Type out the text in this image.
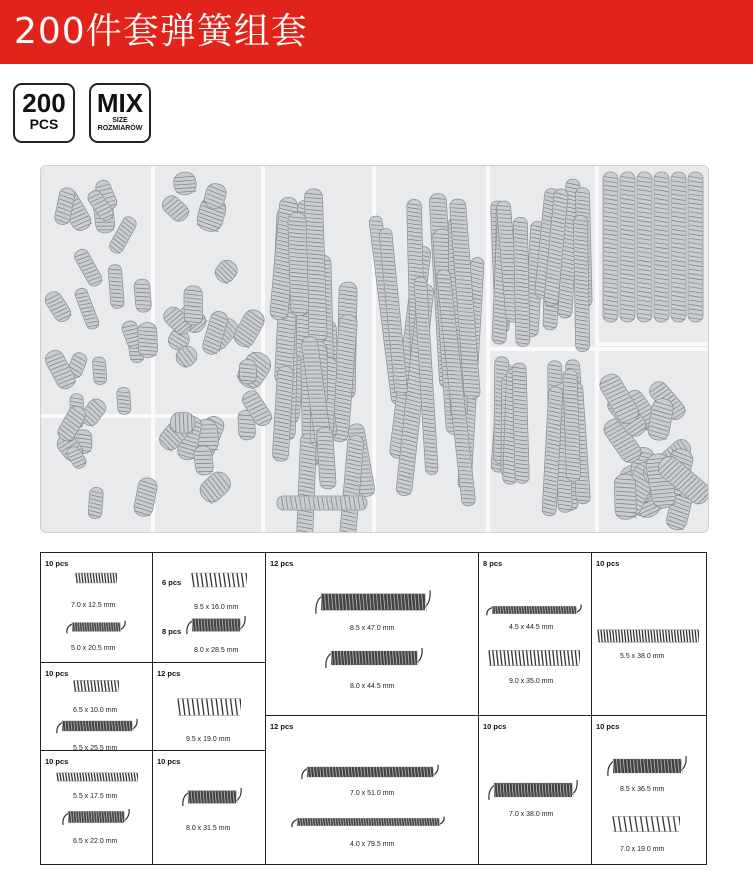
200件套弹簧组套
200
PCS
MIX
SIZE
ROZMIARÓW
10 pcs
7.0 x 12.5 mm
5.0 x 20.5 mm
10 pcs
6.5 x 10.0 mm
5.5 x 25.5 mm
10 pcs
5.5 x 17.5 mm
6.5 x 22.0 mm
6 pcs
9.5 x 16.0 mm
8 pcs
8.0 x 28.5 mm
12 pcs
9.5 x 19.0 mm
10 pcs
8.0 x 31.5 mm
12 pcs
8.5 x 47.0 mm
8.0 x 44.5 mm
12 pcs
7.0 x 51.0 mm
4.0 x 79.5 mm
8 pcs
4.5 x 44.5 mm
9.0 x 35.0 mm
10 pcs
7.0 x 38.0 mm
10 pcs
5.5 x 38.0 mm
10 pcs
8.5 x 36.5 mm
7.0 x 19.0 mm
